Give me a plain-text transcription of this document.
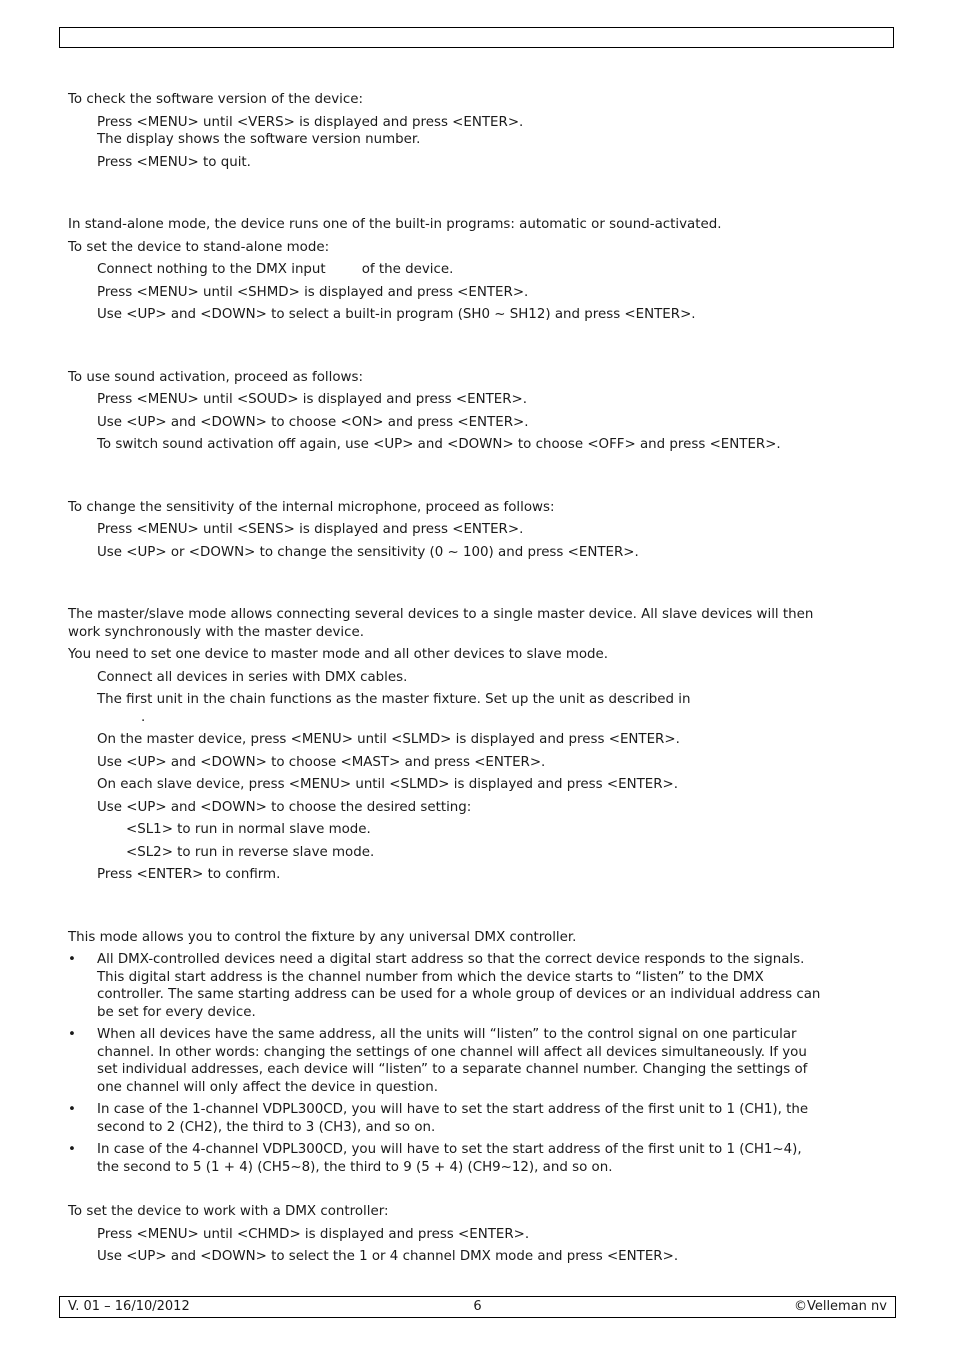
To check the software version of the device:

Press <MENU> until <VERS> is displayed and press <ENTER>.

The display shows the software version number.

Press <MENU> to quit.

In stand-alone mode, the device runs one of the built-in programs: automatic or sound-activated.

To set the device to stand-alone mode:

Connect nothing to the DMX input	of the device.

Press <MENU> until <SHMD> is displayed and press <ENTER>.

Use <UP> and <DOWN> to select a built-in program (SH0 ~ SH12) and press <ENTER>.

To use sound activation, proceed as follows:

Press <MENU> until <SOUD> is displayed and press <ENTER>.

Use <UP> and <DOWN> to choose <ON> and press <ENTER>.

To switch sound activation off again, use <UP> and <DOWN> to choose <OFF> and press <ENTER>.

To change the sensitivity of the internal microphone, proceed as follows:

Press <MENU> until <SENS> is displayed and press <ENTER>.

Use <UP> or <DOWN> to change the sensitivity (0 ~ 100) and press <ENTER>.

The master/slave mode allows connecting several devices to a single master device. All slave devices will then

work synchronously with the master device.

You need to set one device to master mode and all other devices to slave mode.

Connect all devices in series with DMX cables.

The first unit in the chain functions as the master fixture. Set up the unit as described in

.

On the master device, press <MENU> until <SLMD> is displayed and press <ENTER>.

Use <UP> and <DOWN> to choose <MAST> and press <ENTER>.

On each slave device, press <MENU> until <SLMD> is displayed and press <ENTER>.

Use <UP> and <DOWN> to choose the desired setting:

<SL1> to run in normal slave mode.

<SL2> to run in reverse slave mode.

Press <ENTER> to confirm.

This mode allows you to control the fixture by any universal DMX controller.

• All DMX-controlled devices need a digital start address so that the correct device responds to the signals.
This digital start address is the channel number from which the device starts to “listen” to the DMX
controller. The same starting address can be used for a whole group of devices or an individual address can
be set for every device.
• When all devices have the same address, all the units will “listen” to the control signal on one particular
channel. In other words: changing the settings of one channel will affect all devices simultaneously. If you
set individual addresses, each device will “listen” to a separate channel number. Changing the settings of
one channel will only affect the device in question.
• In case of the 1-channel VDPL300CD, you will have to set the start address of the first unit to 1 (CH1), the
second to 2 (CH2), the third to 3 (CH3), and so on.
• In case of the 4-channel VDPL300CD, you will have to set the start address of the first unit to 1 (CH1~4),
the second to 5 (1 + 4) (CH5~8), the third to 9 (5 + 4) (CH9~12), and so on.

To set the device to work with a DMX controller:

Press <MENU> until <CHMD> is displayed and press <ENTER>.

Use <UP> and <DOWN> to select the 1 or 4 channel DMX mode and press <ENTER>.

V. 01 – 16/10/2012	6	©Velleman nv
